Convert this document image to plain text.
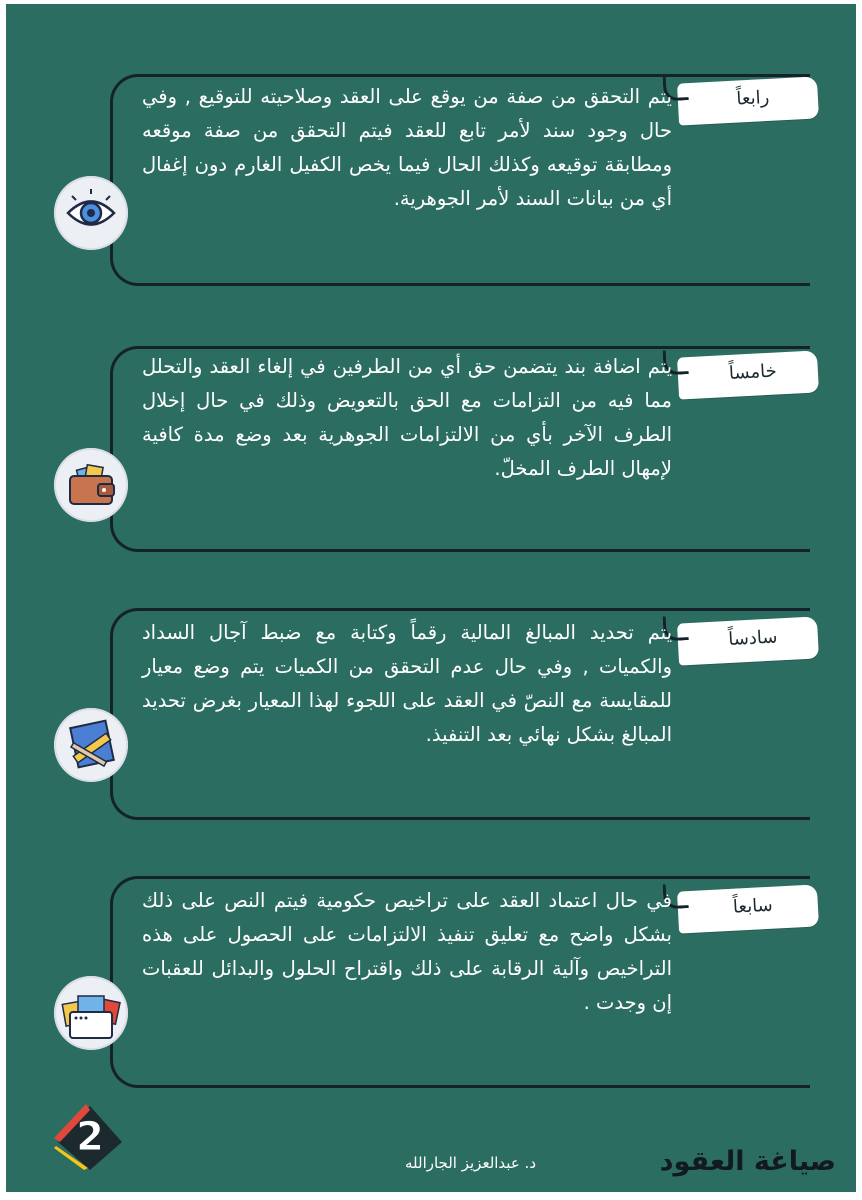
رابعاً
يتم التحقق من صفة من يوقع على العقد وصلاحيته للتوقيع , وفي حال وجود سند لأمر تابع للعقد فيتم التحقق من صفة موقعه ومطابقة توقيعه وكذلك الحال فيما يخص الكفيل الغارم دون إغفال أي من بيانات السند لأمر الجوهرية.
خامساً
يتم اضافة بند يتضمن حق أي من الطرفين في إلغاء العقد والتحلل مما فيه من التزامات مع الحق بالتعويض وذلك في حال إخلال الطرف الآخر بأي من الالتزامات الجوهرية بعد وضع مدة كافية لإمهال الطرف المخلّ.
سادساً
يتم تحديد المبالغ المالية رقماً وكتابة مع ضبط آجال السداد والكميات , وفي حال عدم التحقق من الكميات يتم وضع معيار للمقايسة مع النصّ في العقد على اللجوء لهذا المعيار بغرض تحديد المبالغ بشكل نهائي بعد التنفيذ.
سابعاً
في حال اعتماد العقد على تراخيص حكومية فيتم النص على ذلك بشكل واضح مع تعليق تنفيذ الالتزامات على الحصول على هذه التراخيص وآلية الرقابة على ذلك واقتراح الحلول والبدائل للعقبات إن وجدت .
2
د. عبدالعزيز الجارالله	صياغة العقود
